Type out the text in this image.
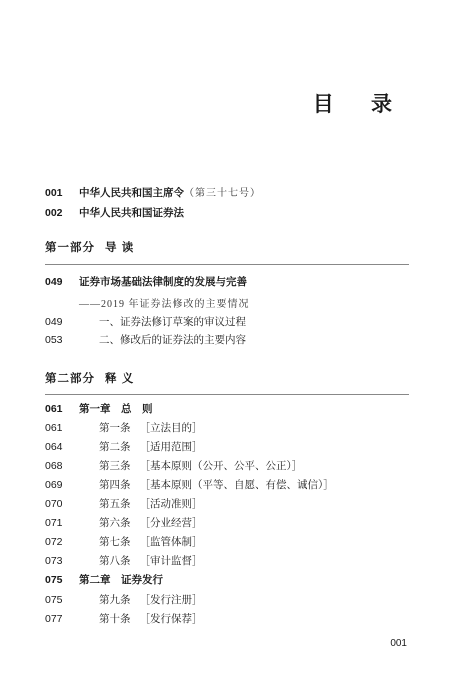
目 录
001 中华人民共和国主席令（第三十七号）
002 中华人民共和国证券法
第一部分 导 读
049 证券市场基础法律制度的发展与完善
——2019 年证券法修改的主要情况
049	一、证券法修订草案的审议过程
053	二、修改后的证券法的主要内容
第二部分 释 义
061 第一章　总　则
061	第一条 ［立法目的］
064	第二条 ［适用范围］
068	第三条 ［基本原则（公开、公平、公正）］
069	第四条 ［基本原则（平等、自愿、有偿、诚信）］
070	第五条 ［活动准则］
071	第六条 ［分业经营］
072	第七条 ［监管体制］
073	第八条 ［审计监督］
075 第二章　证券发行
075	第九条 ［发行注册］
077	第十条 ［发行保荐］
001
